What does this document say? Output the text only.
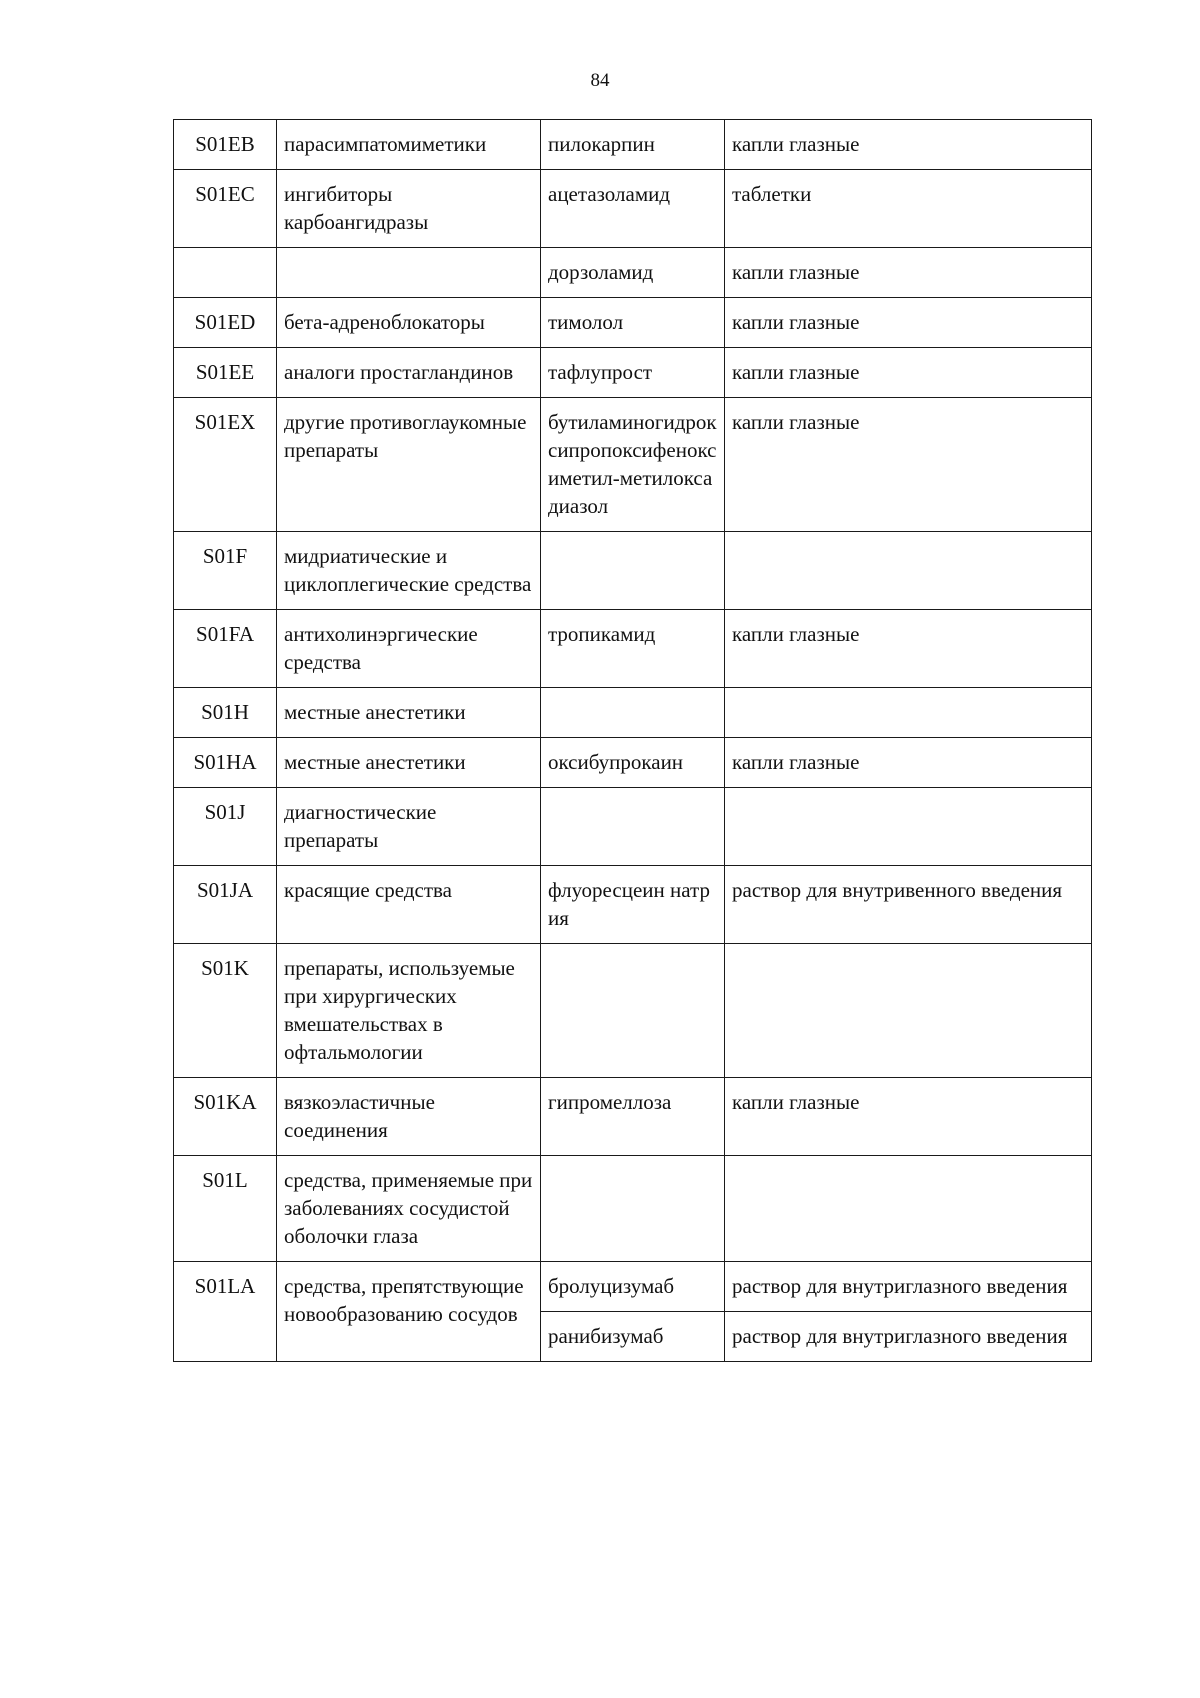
84
S01EB	парасимпатомиметики	пилокарпин	капли глазные
S01EC	ингибиторы карбоангидразы	ацетазоламид	таблетки
		дорзоламид	капли глазные
S01ED	бета-адреноблокаторы	тимолол	капли глазные
S01EE	аналоги простагландинов	тафлупрост	капли глазные
S01EX	другие противоглаукомные препараты	бутиламиногидроксипропоксифеноксиметил-метилоксадиазол	капли глазные
S01F	мидриатические и циклоплегические средства		
S01FA	антихолинэргические средства	тропикамид	капли глазные
S01H	местные анестетики		
S01HA	местные анестетики	оксибупрокаин	капли глазные
S01J	диагностические препараты		
S01JA	красящие средства	флуоресцеин натрия	раствор для внутривенного введения
S01K	препараты, используемые при хирургических вмешательствах в офтальмологии		
S01KA	вязкоэластичные соединения	гипромеллоза	капли глазные
S01L	средства, применяемые при заболеваниях сосудистой оболочки глаза		
S01LA	средства, препятствующие новообразованию сосудов	бролуцизумаб	раствор для внутриглазного введения
		ранибизумаб	раствор для внутриглазного введения
